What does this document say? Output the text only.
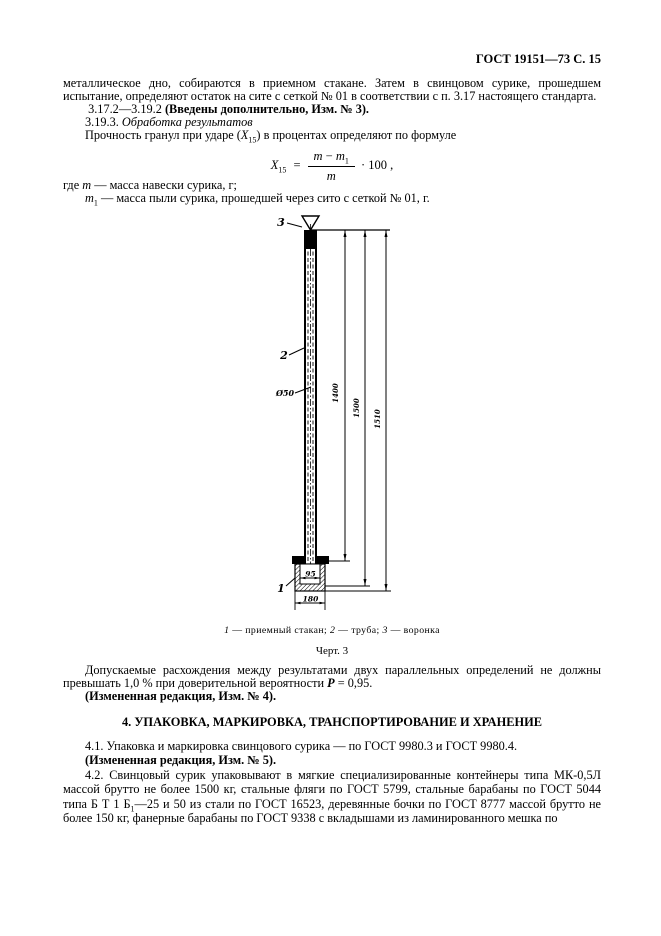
ГОСТ 19151—73 С. 15

металлическое дно, собираются в приемном стакане. Затем в свинцовом сурике, прошедшем испытание, определяют остаток на сите с сеткой № 01 в соответствии с п. 3.17 настоящего стандарта.

3.17.2—3.19.2 (Введены дополнительно, Изм. № 3).

3.19.3. Обработка результатов

Прочность гранул при ударе $(X_{15})$ в процентах определяют по формуле

$X_{15} = \frac{m - m_1}{m} \cdot 100$ ,

где m — масса навески сурика, г;

$m_1$ — масса пыли сурика, прошедшей через сито с сеткой № 01, г.

1400
1500
1510
95
180
3
2
Ø50
1
1 — приемный стакан; 2 — труба; 3 — воронка
Черт. 3

Допускаемые расхождения между результатами двух параллельных определений не должны превышать 1,0 % при доверительной вероятности Р = 0,95.

(Измененная редакция, Изм. № 4).

4. УПАКОВКА, МАРКИРОВКА, ТРАНСПОРТИРОВАНИЕ И ХРАНЕНИЕ

4.1. Упаковка и маркировка свинцового сурика — по ГОСТ 9980.3 и ГОСТ 9980.4.

(Измененная редакция, Изм. № 5).

4.2. Свинцовый сурик упаковывают в мягкие специализированные контейнеры типа МК-0,5Л массой брутто не более 1500 кг, стальные фляги по ГОСТ 5799, стальные барабаны по ГОСТ 5044 типа Б Т 1 $Б_1—25$ и 50 из стали по ГОСТ 16523, деревянные бочки по ГОСТ 8777 массой брутто не более 150 кг, фанерные барабаны по ГОСТ 9338 с вкладышами из ламинированного мешка по
